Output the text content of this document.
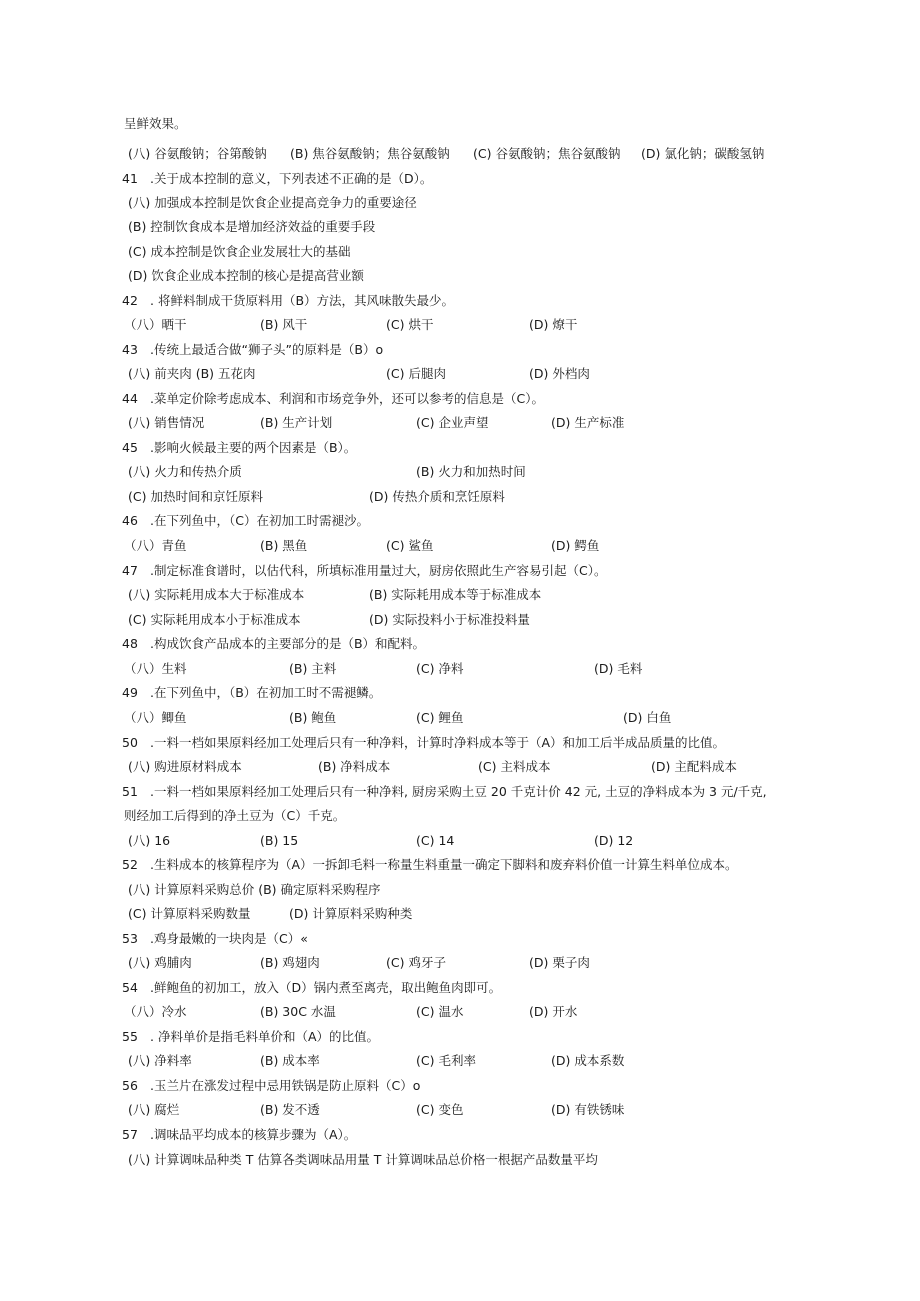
呈鲜效果。
(八) 谷氨酸钠；谷第酸钠 (B) 焦谷氨酸钠；焦谷氨酸钠 (C) 谷氨酸钠；焦谷氨酸钠 (D) 氯化钠；碳酸氢钠
41 .关于成本控制的意义，下列表述不正确的是（D）。
(八) 加强成本控制是饮食企业提高竞争力的重要途径
(B) 控制饮食成本是增加经济效益的重要手段
(C) 成本控制是饮食企业发展壮大的基础
(D) 饮食企业成本控制的核心是提高营业额
42 . 将鲜料制成干货原料用（B）方法，其风味散失最少。
（八）晒干	(B) 风干	(C) 烘干	(D) 燎干
43 .传统上最适合做“狮子头”的原料是（B）o
(八) 前夹肉 (B) 五花肉	(C) 后腿肉	(D) 外档肉
44 .菜单定价除考虑成本、利润和市场竞争外，还可以参考的信息是（C）。
(八) 销售情况	(B) 生产计划	(C) 企业声望	(D) 生产标准
45 .影响火候最主要的两个因素是（B）。
(八) 火力和传热介质	(B) 火力和加热时间
(C) 加热时间和京饪原料	(D) 传热介质和烹饪原料
46 .在下列鱼中，（C）在初加工时需褪沙。
（八）青鱼	(B) 黑鱼	(C) 鲨鱼	(D) 鳄鱼
47 .制定标准食谱时，以估代科，所填标准用量过大，厨房依照此生产容易引起（C）。
(八) 实际耗用成本大于标准成本	(B) 实际耗用成本等于标准成本
(C) 实际耗用成本小于标准成本	(D) 实际投料小于标准投料量
48 .构成饮食产品成本的主要部分的是（B）和配料。
（八）生料	(B) 主料	(C) 净料	(D) 毛料
49 .在下列鱼中，（B）在初加工时不需褪鳞。
（八）鲫鱼	(B) 鲍鱼	(C) 鲤鱼	(D) 白鱼
50 .一料一档如果原料经加工处理后只有一种净料，计算时净料成本等于（A）和加工后半成品质量的比值。
(八) 购进原材料成本	(B) 净料成本	(C) 主料成本	(D) 主配料成本
51 .一料一档如果原料经加工处理后只有一种净料, 厨房采购土豆 20 千克计价 42 元, 土豆的净料成本为 3 元/千克,
则经加工后得到的净土豆为（C）千克。
(八) 16	(B) 15	(C) 14	(D) 12
52 .生料成本的核算程序为（A）一拆卸毛料一称量生料重量一确定下脚料和废弃料价值一计算生料单位成本。
(八) 计算原料采购总价 (B) 确定原料采购程序
(C) 计算原料采购数量	(D) 计算原料采购种类
53 .鸡身最嫩的一块肉是（C）«
(八) 鸡脯肉	(B) 鸡翅肉	(C) 鸡牙子	(D) 栗子肉
54 .鲜鲍鱼的初加工，放入（D）锅内煮至离壳，取出鲍鱼肉即可。
（八）冷水	(B) 30C 水温	(C) 温水	(D) 开水
55 . 净料单价是指毛料单价和（A）的比值。
(八) 净料率	(B) 成本率	(C) 毛利率	(D) 成本系数
56 .玉兰片在涨发过程中忌用铁锅是防止原料（C）o
(八) 腐烂	(B) 发不透	(C) 变色	(D) 有铁锈味
57 .调味品平均成本的核算步骤为（A）。
(八) 计算调味品种类 T 估算各类调味品用量 T 计算调味品总价格一根据产品数量平均
